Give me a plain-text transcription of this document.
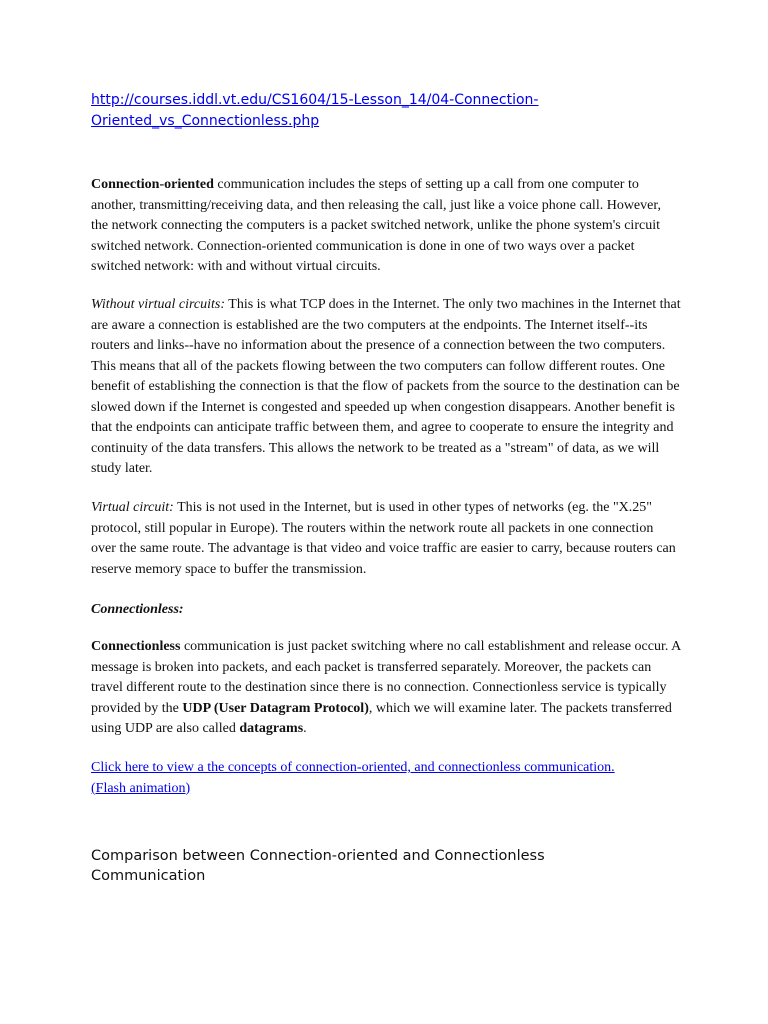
http://courses.iddl.vt.edu/CS1604/15-Lesson_14/04-Connection-
Oriented_vs_Connectionless.php

Connection-oriented communication includes the steps of setting up a call from one computer to another, transmitting/receiving data, and then releasing the call, just like a voice phone call. However, the network connecting the computers is a packet switched network, unlike the phone system's circuit switched network. Connection-oriented communication is done in one of two ways over a packet switched network: with and without virtual circuits.

Without virtual circuits: This is what TCP does in the Internet. The only two machines in the Internet that are aware a connection is established are the two computers at the endpoints. The Internet itself--its routers and links--have no information about the presence of a connection between the two computers. This means that all of the packets flowing between the two computers can follow different routes. One benefit of establishing the connection is that the flow of packets from the source to the destination can be slowed down if the Internet is congested and speeded up when congestion disappears. Another benefit is that the endpoints can anticipate traffic between them, and agree to cooperate to ensure the integrity and continuity of the data transfers. This allows the network to be treated as a "stream" of data, as we will study later.

Virtual circuit: This is not used in the Internet, but is used in other types of networks (eg. the "X.25" protocol, still popular in Europe). The routers within the network route all packets in one connection over the same route. The advantage is that video and voice traffic are easier to carry, because routers can reserve memory space to buffer the transmission.

Connectionless:

Connectionless communication is just packet switching where no call establishment and release occur. A message is broken into packets, and each packet is transferred separately. Moreover, the packets can travel different route to the destination since there is no connection. Connectionless service is typically provided by the UDP (User Datagram Protocol), which we will examine later. The packets transferred using UDP are also called datagrams.

Click here to view a the concepts of connection-oriented, and connectionless communication.
(Flash animation)
Comparison between Connection-oriented and Connectionless
Communication
